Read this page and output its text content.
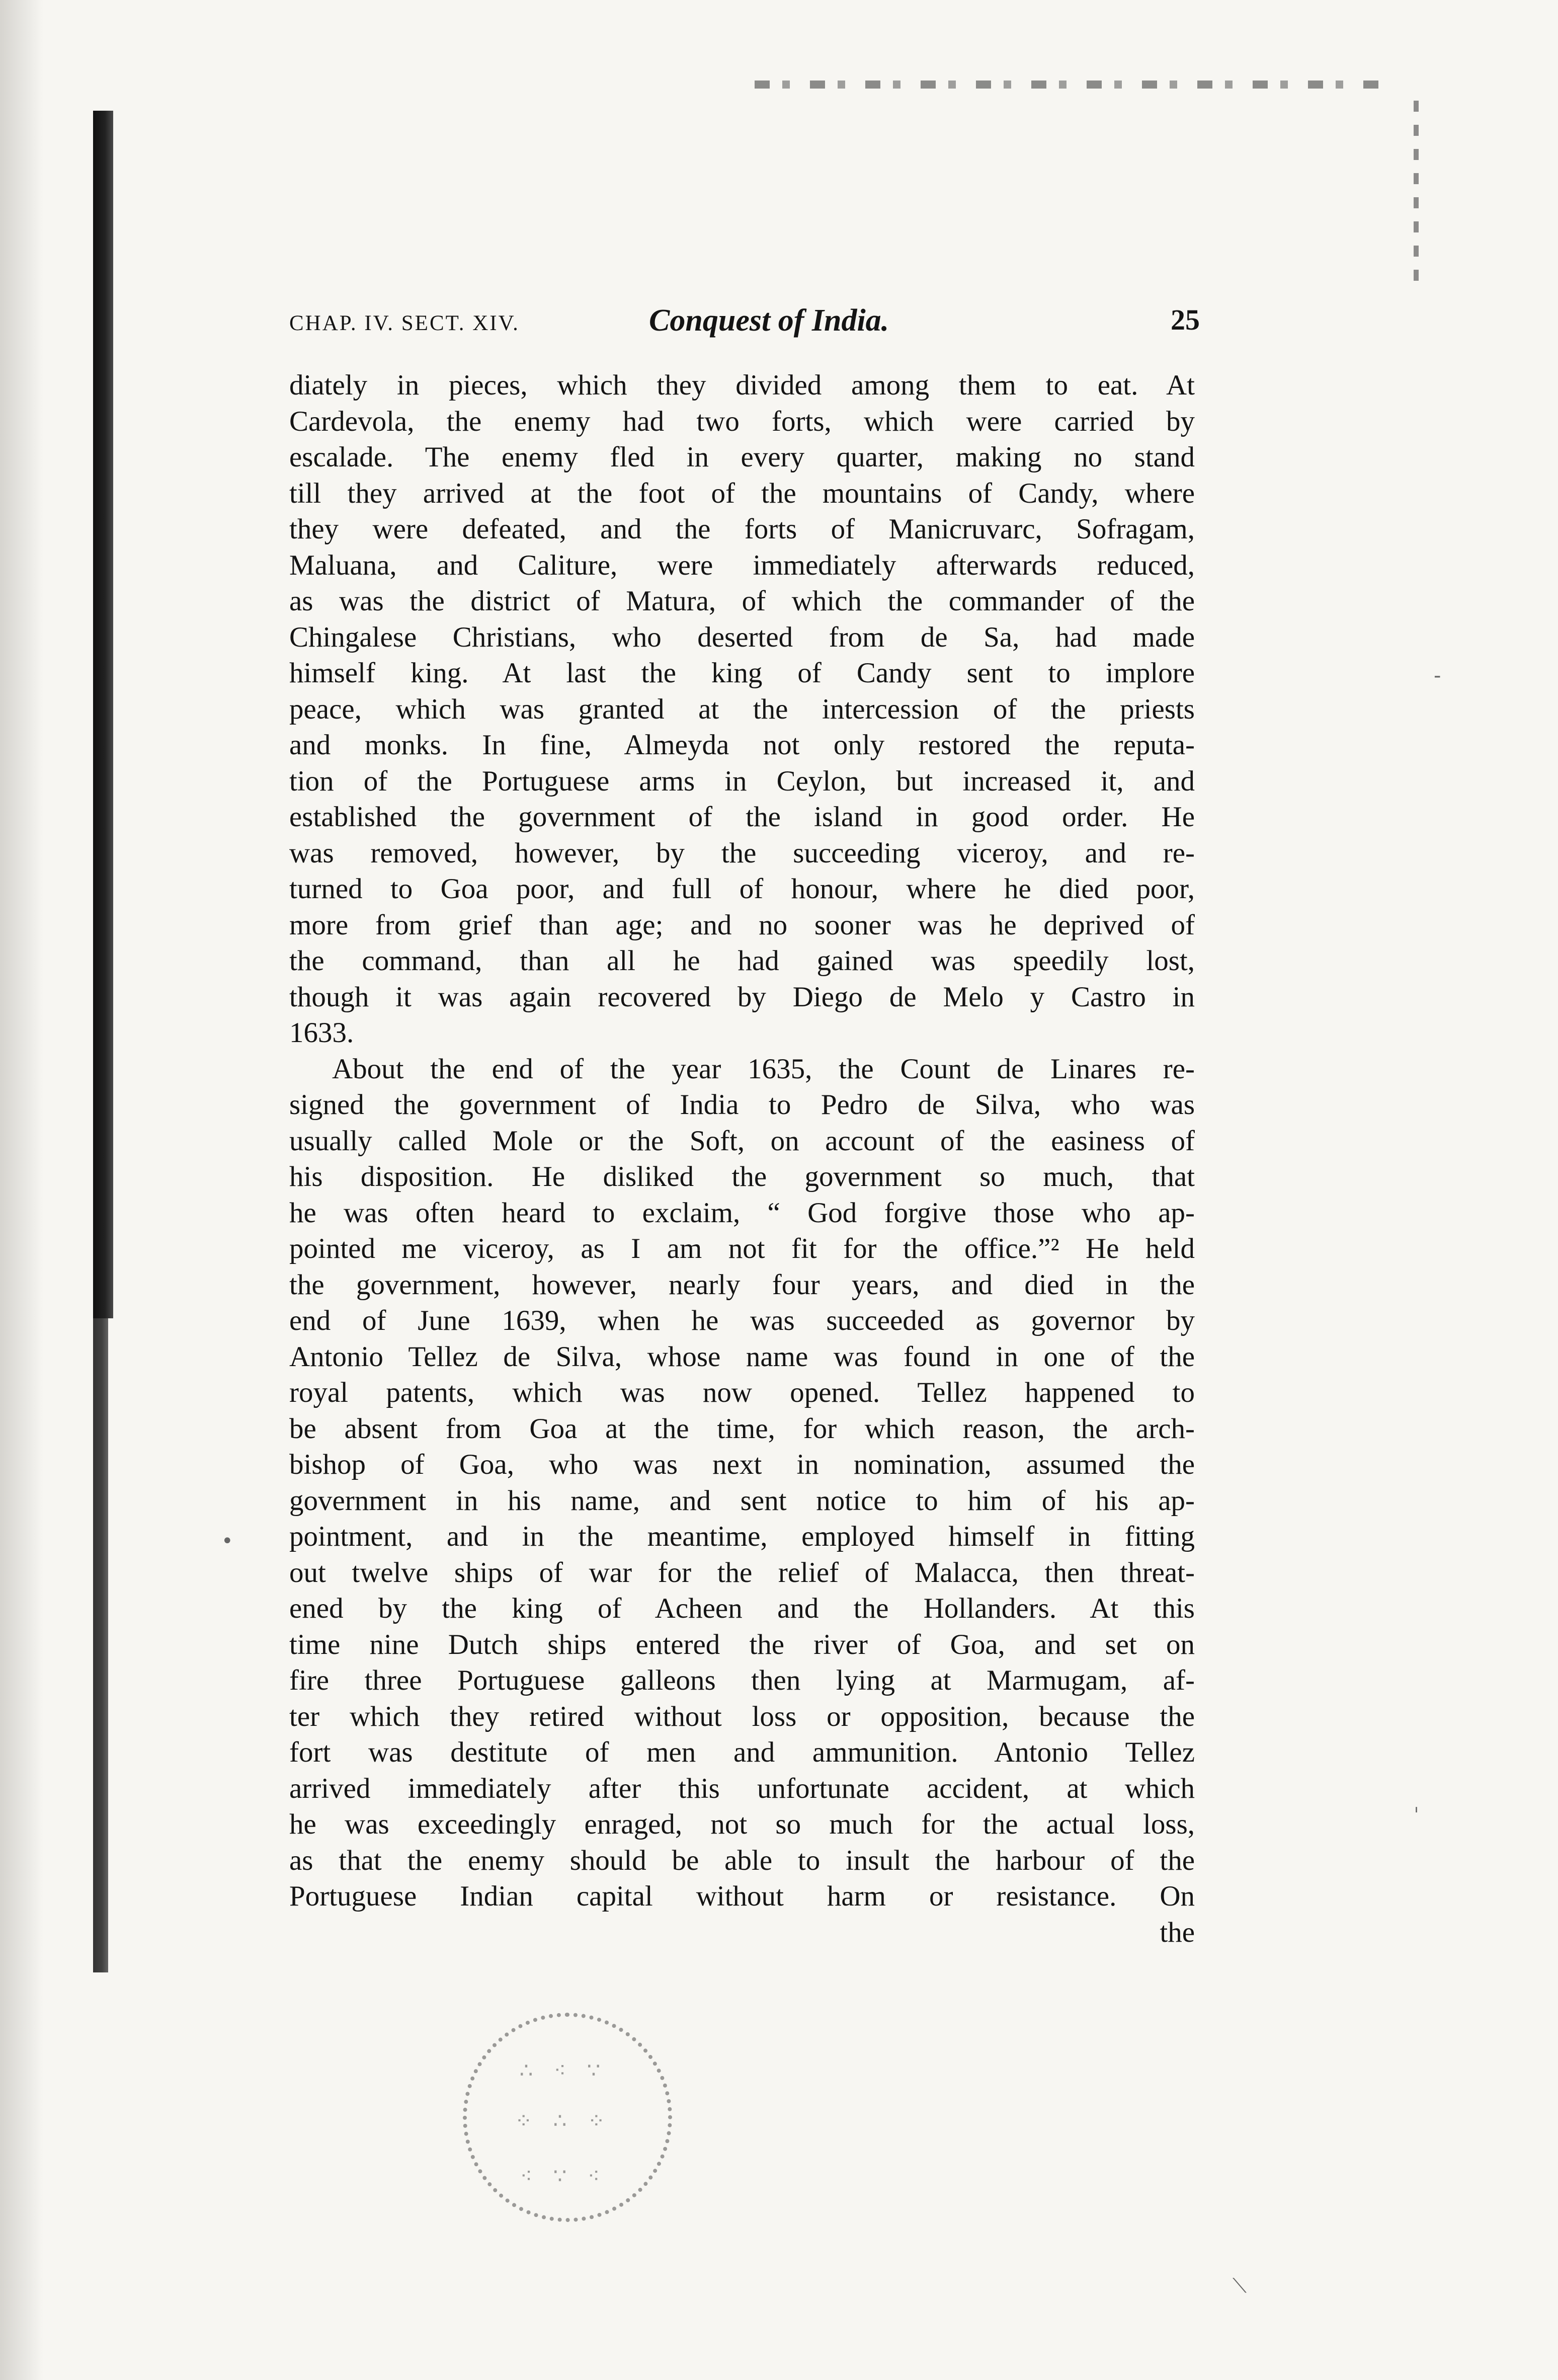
CHAP. IV. SECT. XIV.	Conquest of India.	25
diately in pieces, which they divided among them to eat. At
Cardevola, the enemy had two forts, which were carried by
escalade. The enemy fled in every quarter, making no stand
till they arrived at the foot of the mountains of Candy, where
they were defeated, and the forts of Manicruvarc, Sofragam,
Maluana, and Caliture, were immediately afterwards reduced,
as was the district of Matura, of which the commander of the
Chingalese Christians, who deserted from de Sa, had made
himself king. At last the king of Candy sent to implore
peace, which was granted at the intercession of the priests
and monks. In fine, Almeyda not only restored the reputa-
tion of the Portuguese arms in Ceylon, but increased it, and
established the government of the island in good order. He
was removed, however, by the succeeding viceroy, and re-
turned to Goa poor, and full of honour, where he died poor,
more from grief than age; and no sooner was he deprived of
the command, than all he had gained was speedily lost,
though it was again recovered by Diego de Melo y Castro in
1633.
About the end of the year 1635, the Count de Linares re-
signed the government of India to Pedro de Silva, who was
usually called Mole or the Soft, on account of the easiness of
his disposition. He disliked the government so much, that
he was often heard to exclaim, “ God forgive those who ap-
pointed me viceroy, as I am not fit for the office.”² He held
the government, however, nearly four years, and died in the
end of June 1639, when he was succeeded as governor by
Antonio Tellez de Silva, whose name was found in one of the
royal patents, which was now opened. Tellez happened to
be absent from Goa at the time, for which reason, the arch-
bishop of Goa, who was next in nomination, assumed the
government in his name, and sent notice to him of his ap-
pointment, and in the meantime, employed himself in fitting
out twelve ships of war for the relief of Malacca, then threat-
ened by the king of Acheen and the Hollanders. At this
time nine Dutch ships entered the river of Goa, and set on
fire three Portuguese galleons then lying at Marmugam, af-
ter which they retired without loss or opposition, because the
fort was destitute of men and ammunition. Antonio Tellez
arrived immediately after this unfortunate accident, at which
he was exceedingly enraged, not so much for the actual loss,
as that the enemy should be able to insult the harbour of the
Portuguese Indian capital without harm or resistance. On
the
∴ ⁖ ∵
⁘ ∴ ⁘
⁖ ∵ ⁖
‐
•
ˌ
⟍
